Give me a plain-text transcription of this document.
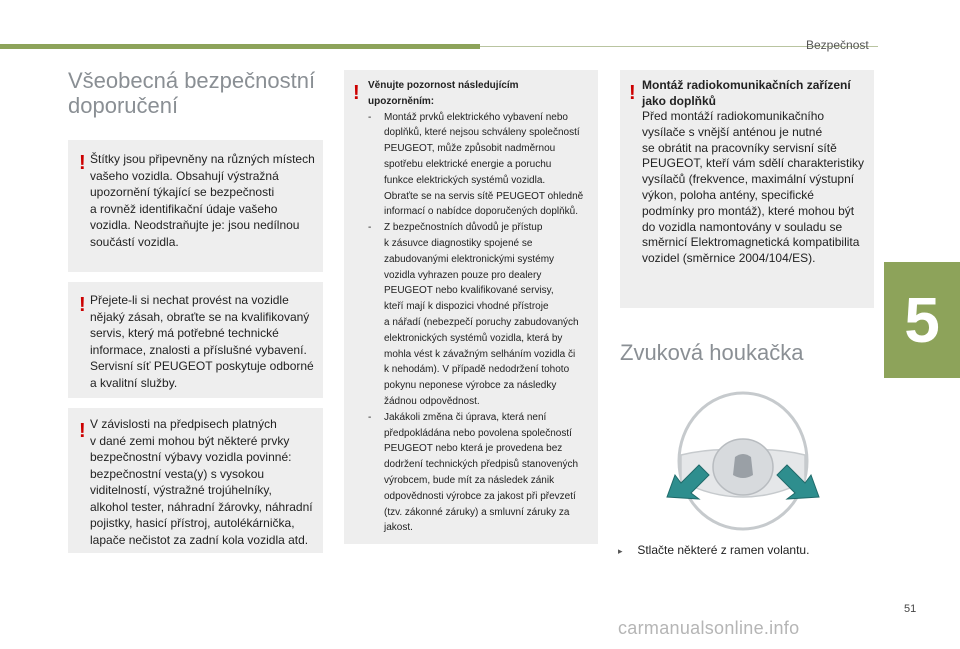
Bezpečnost
5
Všeobecná bezpečnostní
doporučení
! Štítky jsou připevněny na různých místech
vašeho vozidla. Obsahují výstražná
upozornění týkající se bezpečnosti
a rovněž identifikační údaje vašeho
vozidla. Neodstraňujte je: jsou nedílnou
součástí vozidla.
! Přejete-li si nechat provést na vozidle
nějaký zásah, obraťte se na kvalifikovaný
servis, který má potřebné technické
informace, znalosti a příslušné vybavení.
Servisní síť PEUGEOT poskytuje odborné
a kvalitní služby.
! V závislosti na předpisech platných
v dané zemi mohou být některé prvky
bezpečnostní výbavy vozidla povinné:
bezpečnostní vesta(y) s vysokou
viditelností, výstražné trojúhelníky,
alkohol tester, náhradní žárovky, náhradní
pojistky, hasicí přístroj, autolékárnička,
lapače nečistot za zadní kola vozidla atd.
! Věnujte pozornost následujícím
upozorněním:
- Montáž prvků elektrického vybavení nebo
doplňků, které nejsou schváleny společností
PEUGEOT, může způsobit nadměrnou
spotřebu elektrické energie a poruchu
funkce elektrických systémů vozidla.
Obraťte se na servis sítě PEUGEOT ohledně
informací o nabídce doporučených doplňků.
- Z bezpečnostních důvodů je přístup
k zásuvce diagnostiky spojené se
zabudovanými elektronickými systémy
vozidla vyhrazen pouze pro dealery
PEUGEOT nebo kvalifikované servisy,
kteří mají k dispozici vhodné přístroje
a nářadí (nebezpečí poruchy zabudovaných
elektronických systémů vozidla, která by
mohla vést k závažným selháním vozidla či
k nehodám). V případě nedodržení tohoto
pokynu neponese výrobce za následky
žádnou odpovědnost.
- Jakákoli změna či úprava, která není
předpokládána nebo povolena společností
PEUGEOT nebo která je provedena bez
dodržení technických předpisů stanovených
výrobcem, bude mít za následek zánik
odpovědnosti výrobce za jakost při převzetí
(tzv. zákonné záruky) a smluvní záruky za
jakost.
! Montáž radiokomunikačních zařízení
jako doplňků
Před montáží radiokomunikačního
vysílače s vnější anténou je nutné
se obrátit na pracovníky servisní sítě
PEUGEOT, kteří vám sdělí charakteristiky
vysílačů (frekvence, maximální výstupní
výkon, poloha antény, specifické
podmínky pro montáž), které mohou být
do vozidla namontovány v souladu se
směrnicí Elektromagnetická kompatibilita
vozidel (směrnice 2004/104/ES).
Zvuková houkačka
▸ Stlačte některé z ramen volantu.
51
carmanualsonline.info
